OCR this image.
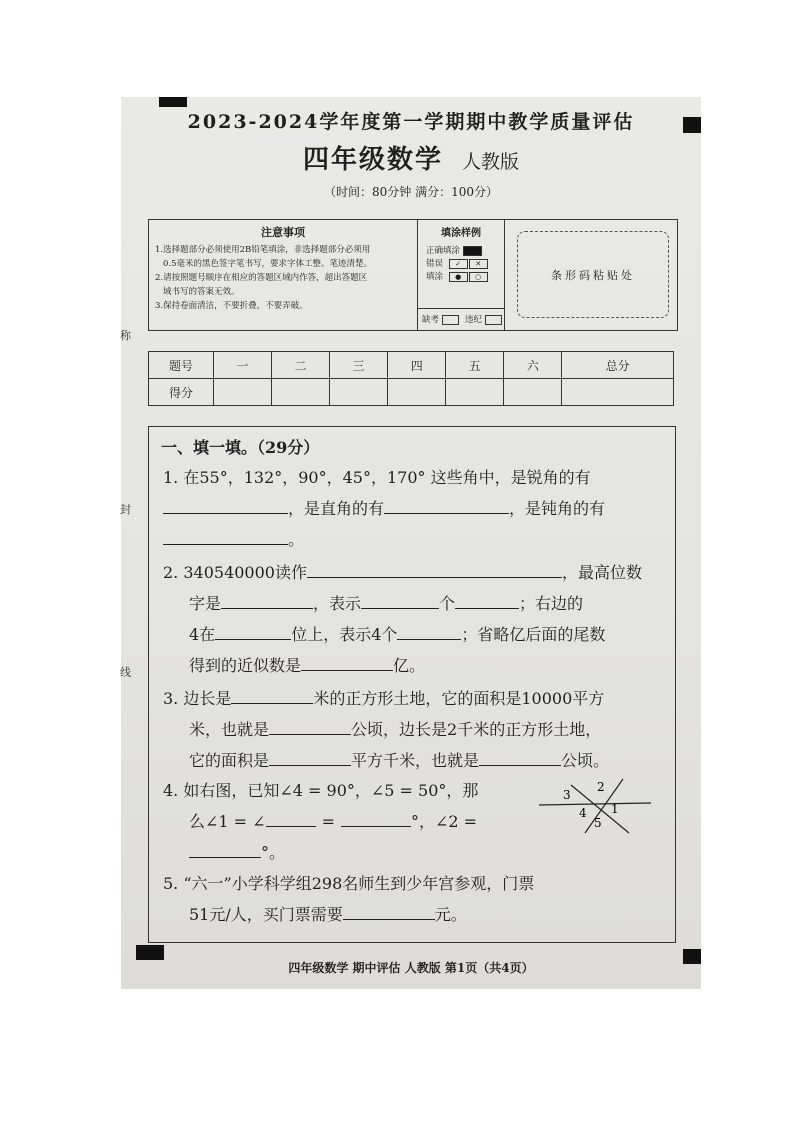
2023-2024学年度第一学期期中教学质量评估
四年级数学 人教版
（时间：80分钟 满分：100分）
注意事项

1.选择题部分必须使用2B铅笔填涂，非选择题部分必须用

0.5毫米的黑色签字笔书写，要求字体工整、笔迹清楚。

2.请按照题号顺序在相应的答题区域内作答，超出答题区

域书写的答案无效。

3.保持卷面清洁，不要折叠，不要弄破。

填涂样例
正确填涂
错误 ✓ ✕
填涂 ● ○
缺考	违纪
条形码粘贴处
题号	一	二	三	四	五	六	总分
得分							
一、填一填。（29分）
1. 在55°，132°，90°，45°，170° 这些角中，是锐角的有
，是直角的有	，是钝角的有
。
2. 340540000读作	，最高位数
字是	，表示	个	；右边的
4在	位上，表示4个	；省略亿后面的尾数
得到的近似数是	亿。
3. 边长是	米的正方形土地，它的面积是10000平方
米，也就是	公顷，边长是2千米的正方形土地，
它的面积是	平方千米，也就是	公顷。
4. 如右图，已知∠4 = 90°，∠5 = 50°，那
么∠1 = ∠	=	°，∠2 =
°。
3
2
4 1
5
5. “六一”小学科学组298名师生到少年宫参观，门票
51元/人，买门票需要	元。
四年级数学 期中评估 人教版 第1页（共4页）
称
封
线
